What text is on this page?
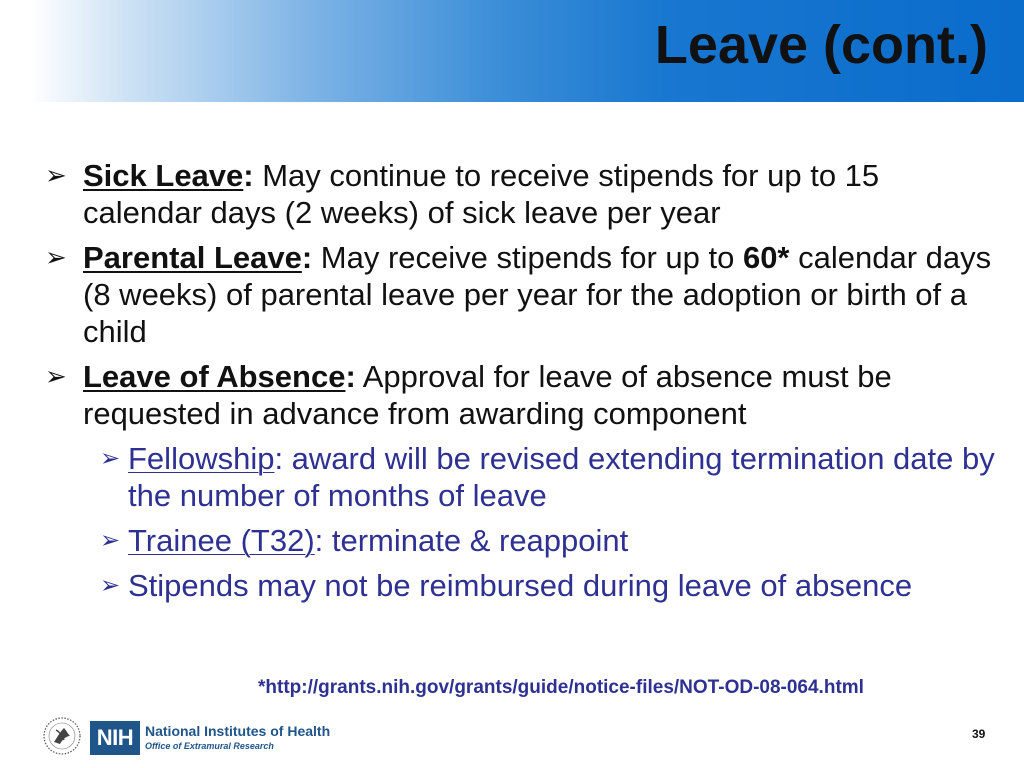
Leave (cont.)
➢ Sick Leave: May continue to receive stipends for up to 15 calendar days (2 weeks) of sick leave per year
➢ Parental Leave: May receive stipends for up to 60* calendar days (8 weeks) of parental leave per year for the adoption or birth of a child
➢ Leave of Absence: Approval for leave of absence must be requested in advance from awarding component
➢ Fellowship: award will be revised extending termination date by the number of months of leave
➢ Trainee (T32): terminate & reappoint
➢ Stipends may not be reimbursed during leave of absence
*http://grants.nih.gov/grants/guide/notice-files/NOT-OD-08-064.html
NIH National Institutes of Health
Office of Extramural Research
39
